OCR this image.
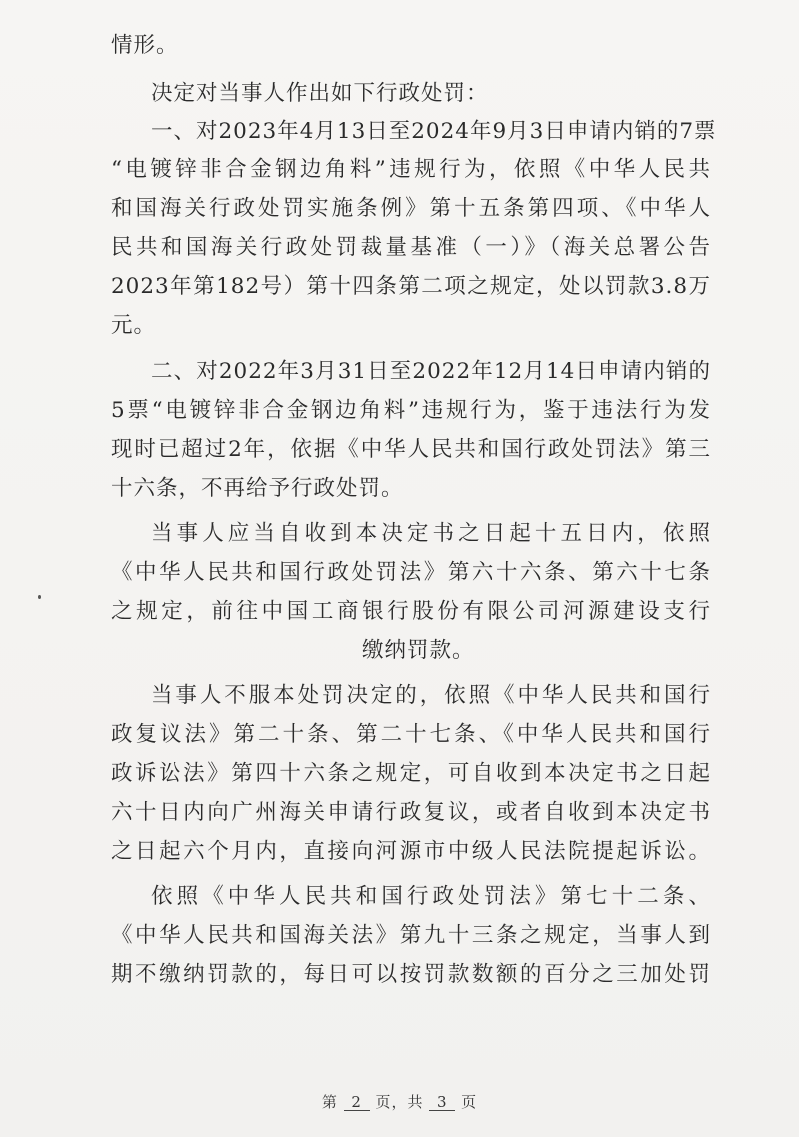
情形。
决定对当事人作出如下行政处罚：
一、对2023年4月13日至2024年9月3日申请内销的7票
“电镀锌非合金钢边角料”违规行为，依照《中华人民共
和国海关行政处罚实施条例》第十五条第四项、《中华人
民共和国海关行政处罚裁量基准（一）》（海关总署公告
2023年第182号）第十四条第二项之规定，处以罚款3.8万
元。
二、对2022年3月31日至2022年12月14日申请内销的
5票“电镀锌非合金钢边角料”违规行为，鉴于违法行为发
现时已超过2年，依据《中华人民共和国行政处罚法》第三
十六条，不再给予行政处罚。
当事人应当自收到本决定书之日起十五日内，依照
《中华人民共和国行政处罚法》第六十六条、第六十七条
之规定，前往中国工商银行股份有限公司河源建设支行
缴纳罚款。
当事人不服本处罚决定的，依照《中华人民共和国行
政复议法》第二十条、第二十七条、《中华人民共和国行
政诉讼法》第四十六条之规定，可自收到本决定书之日起
六十日内向广州海关申请行政复议，或者自收到本决定书
之日起六个月内，直接向河源市中级人民法院提起诉讼。
依照《中华人民共和国行政处罚法》第七十二条、
《中华人民共和国海关法》第九十三条之规定，当事人到
期不缴纳罚款的，每日可以按罚款数额的百分之三加处罚
第 2 页，共 3 页
